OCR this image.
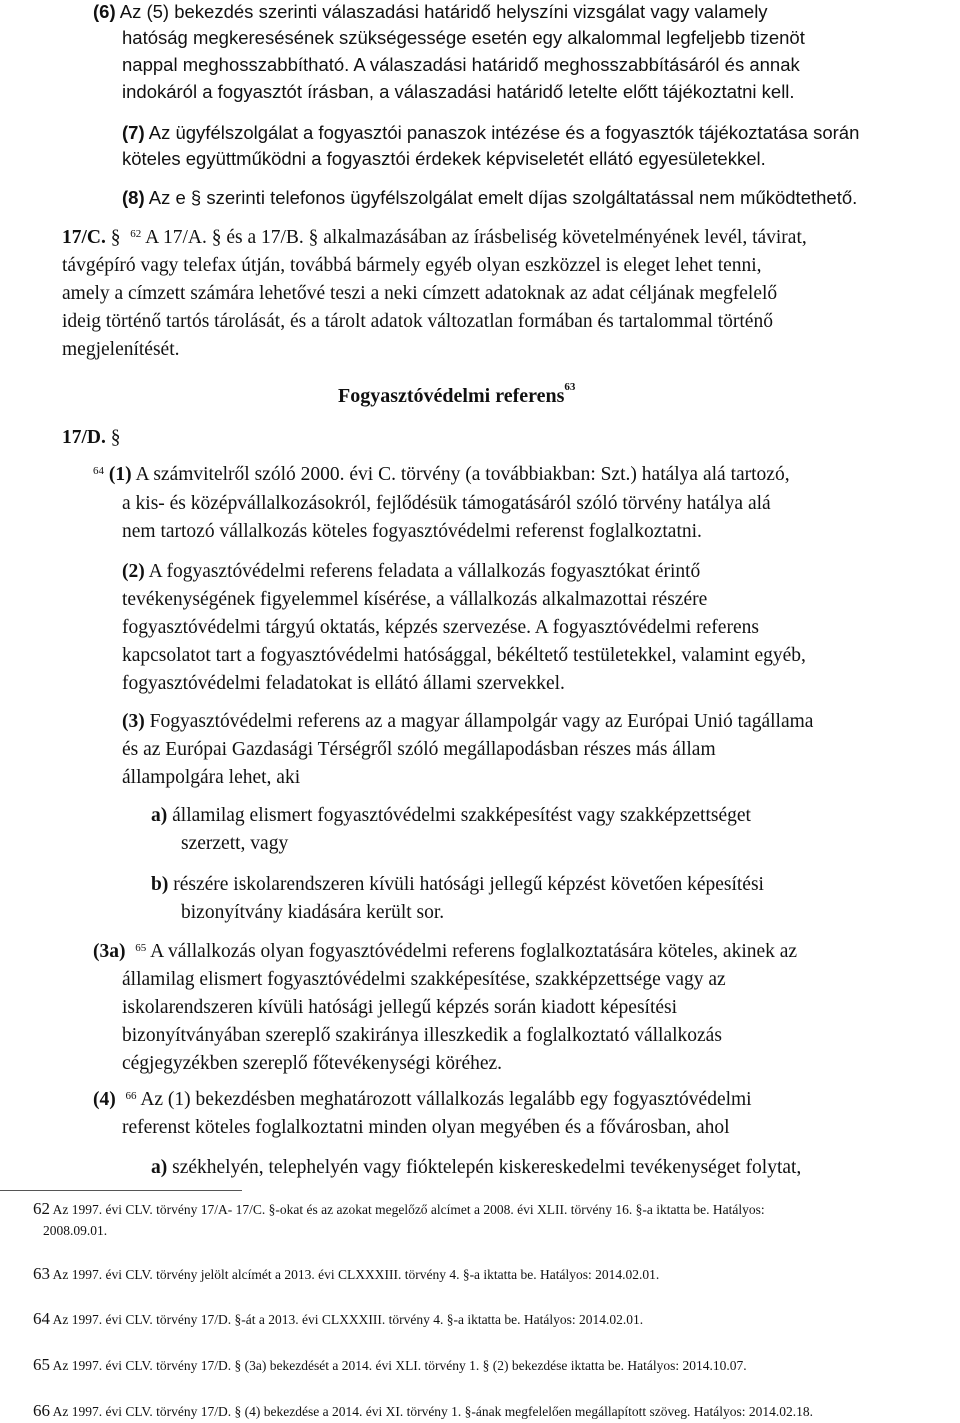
(6) Az (5) bekezdés szerinti válaszadási határidő helyszíni vizsgálat vagy valamely
hatóság megkeresésének szükségessége esetén egy alkalommal legfeljebb tizenöt
nappal meghosszabbítható. A válaszadási határidő meghosszabbításáról és annak
indokáról a fogyasztót írásban, a válaszadási határidő letelte előtt tájékoztatni kell.
(7) Az ügyfélszolgálat a fogyasztói panaszok intézése és a fogyasztók tájékoztatása során
köteles együttműködni a fogyasztói érdekek képviseletét ellátó egyesületekkel.
(8) Az e § szerinti telefonos ügyfélszolgálat emelt díjas szolgáltatással nem működtethető.
17/C. §  $^{62}$ A 17/A. § és a 17/B. § alkalmazásában az írásbeliség követelményének levél, távirat,
távgépíró vagy telefax útján, továbbá bármely egyéb olyan eszközzel is eleget lehet tenni,
amely a címzett számára lehetővé teszi a neki címzett adatoknak az adat céljának megfelelő
ideig történő tartós tárolását, és a tárolt adatok változatlan formában és tartalommal történő
megjelenítését.
Fogyasztóvédelmi referens$^{63}$
17/D. §
$^{64}$ (1) A számvitelről szóló 2000. évi C. törvény (a továbbiakban: Szt.) hatálya alá tartozó,
a kis- és középvállalkozásokról, fejlődésük támogatásáról szóló törvény hatálya alá
nem tartozó vállalkozás köteles fogyasztóvédelmi referenst foglalkoztatni.
(2) A fogyasztóvédelmi referens feladata a vállalkozás fogyasztókat érintő
tevékenységének figyelemmel kísérése, a vállalkozás alkalmazottai részére
fogyasztóvédelmi tárgyú oktatás, képzés szervezése. A fogyasztóvédelmi referens
kapcsolatot tart a fogyasztóvédelmi hatósággal, békéltető testületekkel, valamint egyéb,
fogyasztóvédelmi feladatokat is ellátó állami szervekkel.
(3) Fogyasztóvédelmi referens az a magyar állampolgár vagy az Európai Unió tagállama
és az Európai Gazdasági Térségről szóló megállapodásban részes más állam
állampolgára lehet, aki
a) államilag elismert fogyasztóvédelmi szakképesítést vagy szakképzettséget
szerzett, vagy
b) részére iskolarendszeren kívüli hatósági jellegű képzést követően képesítési
bizonyítvány kiadására került sor.
(3a) $^{65}$ A vállalkozás olyan fogyasztóvédelmi referens foglalkoztatására köteles, akinek az
államilag elismert fogyasztóvédelmi szakképesítése, szakképzettsége vagy az
iskolarendszeren kívüli hatósági jellegű képzés során kiadott képesítési
bizonyítványában szereplő szakiránya illeszkedik a foglalkoztató vállalkozás
cégjegyzékben szereplő főtevékenységi köréhez.
(4) $^{66}$ Az (1) bekezdésben meghatározott vállalkozás legalább egy fogyasztóvédelmi
referenst köteles foglalkoztatni minden olyan megyében és a fővárosban, ahol
a) székhelyén, telephelyén vagy fióktelepén kiskereskedelmi tevékenységet folytat,
62 Az 1997. évi CLV. törvény 17/A- 17/C. §-okat és az azokat megelőző alcímet a 2008. évi XLII. törvény 16. §-a iktatta be. Hatályos:
2008.09.01.
63 Az 1997. évi CLV. törvény jelölt alcímét a 2013. évi CLXXXIII. törvény 4. §-a iktatta be. Hatályos: 2014.02.01.
64 Az 1997. évi CLV. törvény 17/D. §-át a 2013. évi CLXXXIII. törvény 4. §-a iktatta be. Hatályos: 2014.02.01.
65 Az 1997. évi CLV. törvény 17/D. § (3a) bekezdését a 2014. évi XLI. törvény 1. § (2) bekezdése iktatta be. Hatályos: 2014.10.07.
66 Az 1997. évi CLV. törvény 17/D. § (4) bekezdése a 2014. évi XI. törvény 1. §-ának megfelelően megállapított szöveg. Hatályos: 2014.02.18.
